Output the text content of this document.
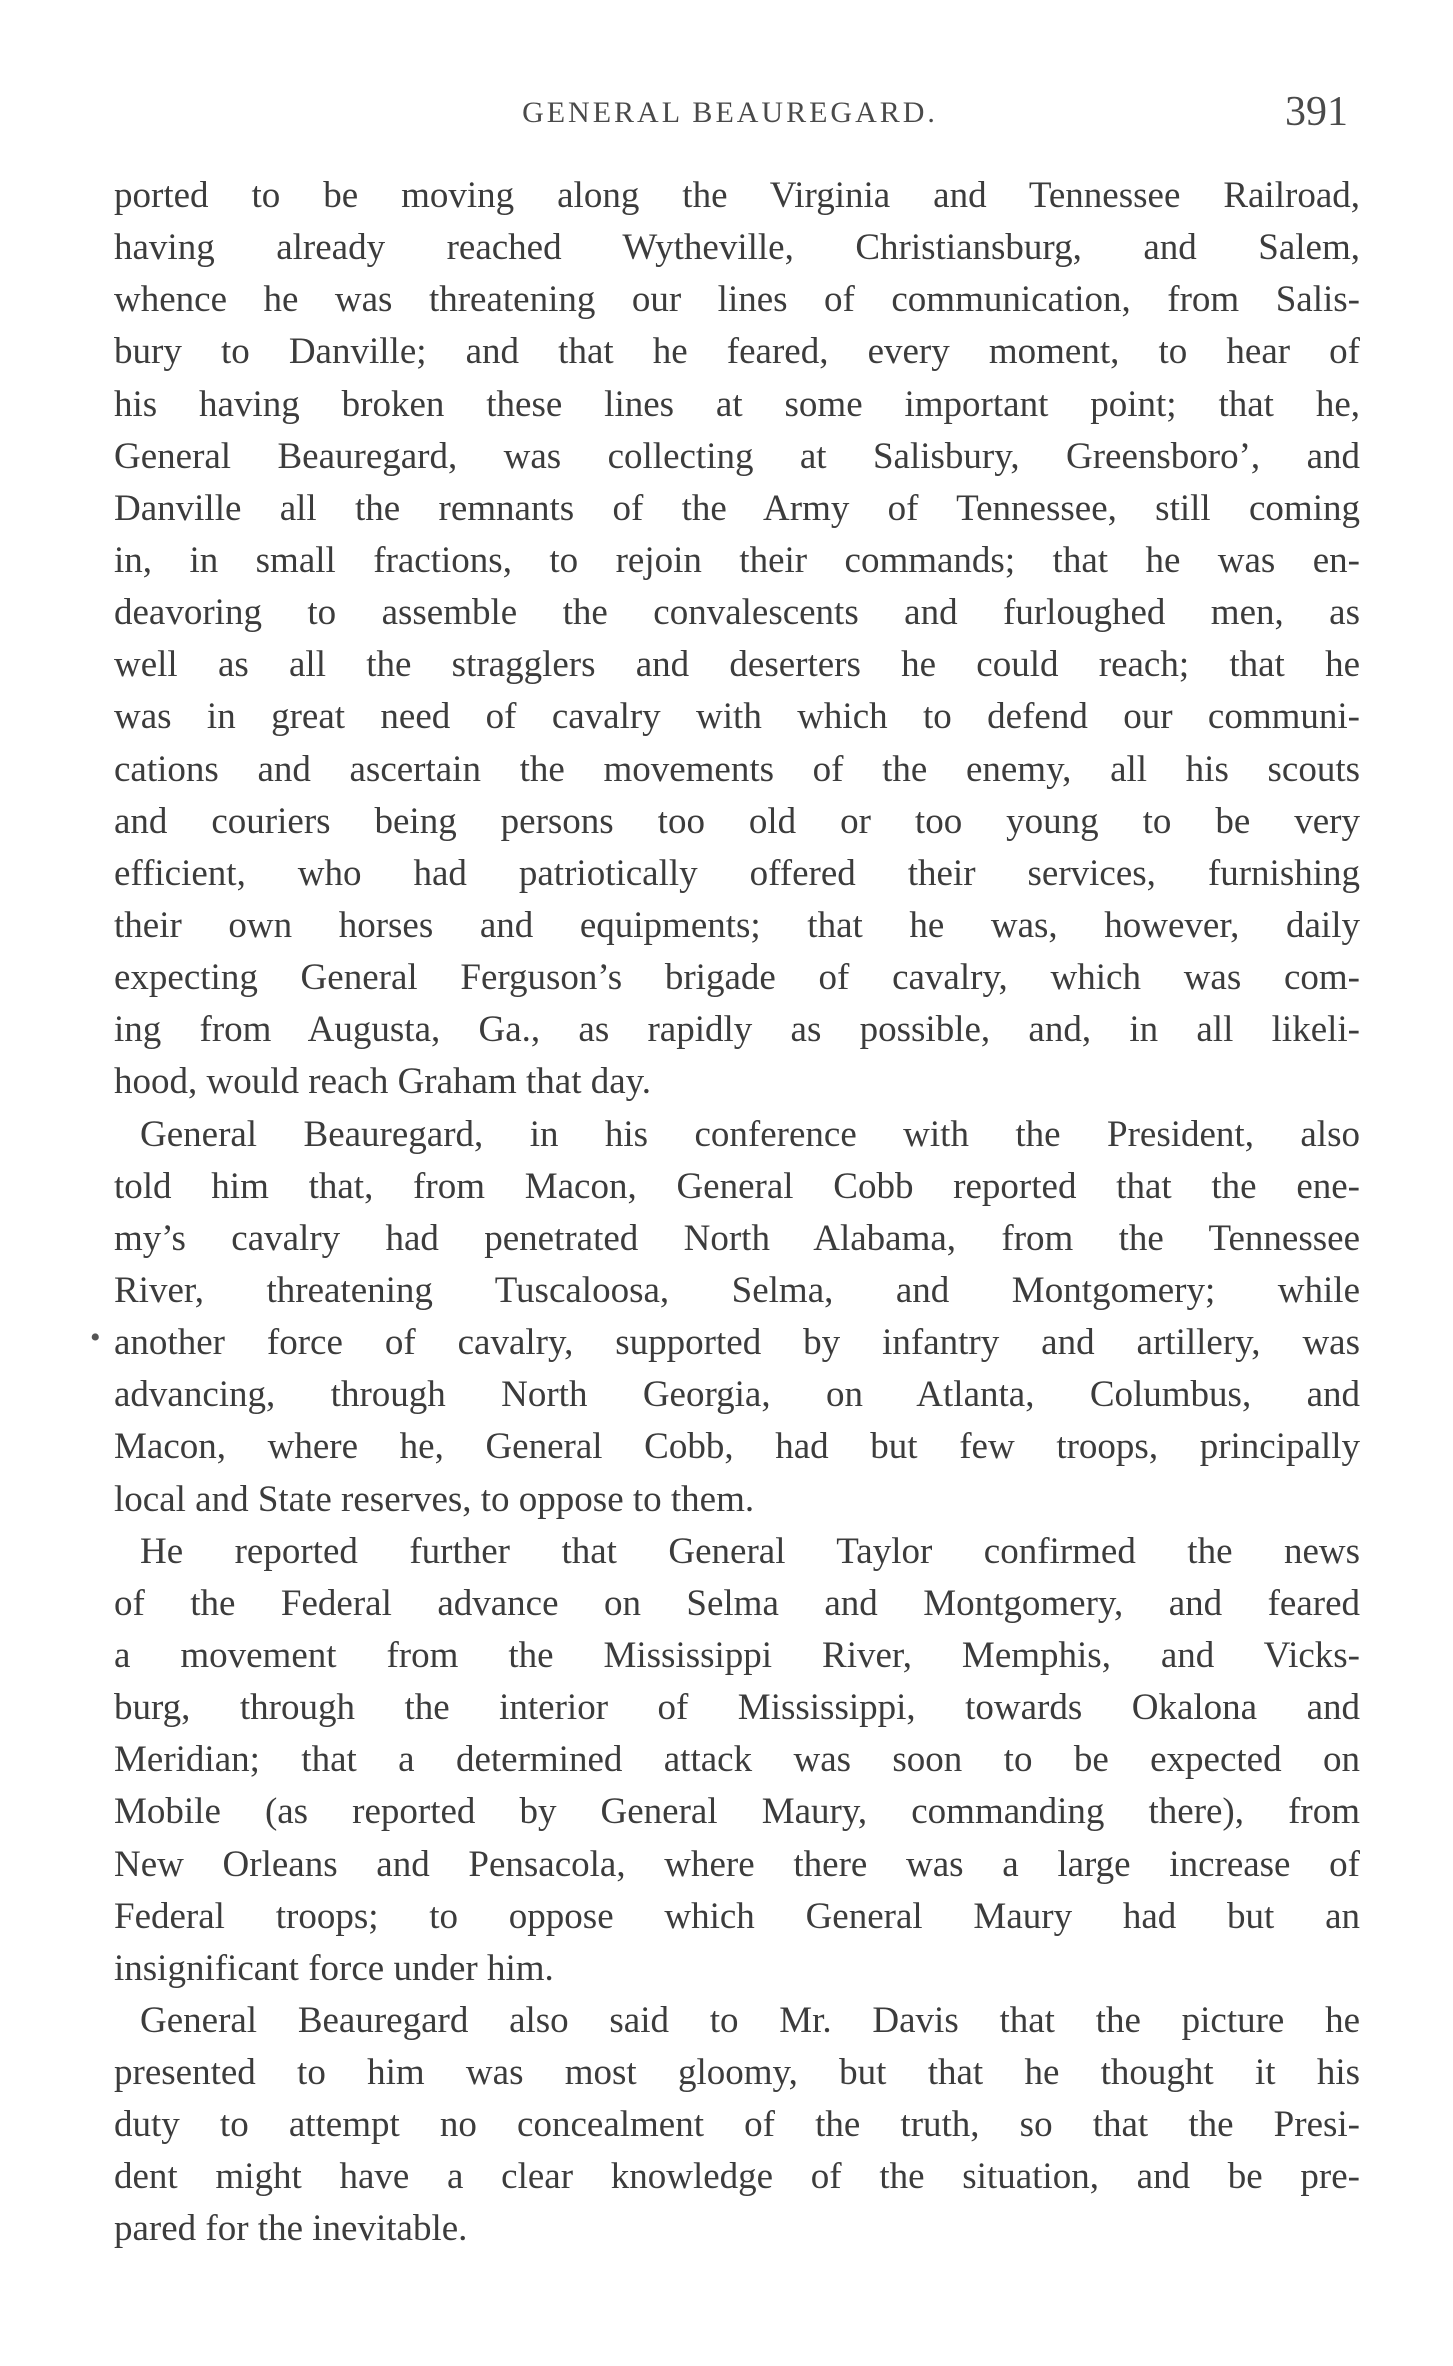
GENERAL BEAUREGARD.	391
•
ported to be moving along the Virginia and Tennessee Railroad,
having already reached Wytheville, Christiansburg, and Salem,
whence he was threatening our lines of communication, from Salis-
bury to Danville; and that he feared, every moment, to hear of
his having broken these lines at some important point; that he,
General Beauregard, was collecting at Salisbury, Greensboro’, and
Danville all the remnants of the Army of Tennessee, still coming
in, in small fractions, to rejoin their commands; that he was en-
deavoring to assemble the convalescents and furloughed men, as
well as all the stragglers and deserters he could reach; that he
was in great need of cavalry with which to defend our communi-
cations and ascertain the movements of the enemy, all his scouts
and couriers being persons too old or too young to be very
efficient, who had patriotically offered their services, furnishing
their own horses and equipments; that he was, however, daily
expecting General Ferguson’s brigade of cavalry, which was com-
ing from Augusta, Ga., as rapidly as possible, and, in all likeli-
hood, would reach Graham that day.
General Beauregard, in his conference with the President, also
told him that, from Macon, General Cobb reported that the ene-
my’s cavalry had penetrated North Alabama, from the Tennessee
River, threatening Tuscaloosa, Selma, and Montgomery; while
another force of cavalry, supported by infantry and artillery, was
advancing, through North Georgia, on Atlanta, Columbus, and
Macon, where he, General Cobb, had but few troops, principally
local and State reserves, to oppose to them.
He reported further that General Taylor confirmed the news
of the Federal advance on Selma and Montgomery, and feared
a movement from the Mississippi River, Memphis, and Vicks-
burg, through the interior of Mississippi, towards Okalona and
Meridian; that a determined attack was soon to be expected on
Mobile (as reported by General Maury, commanding there), from
New Orleans and Pensacola, where there was a large increase of
Federal troops; to oppose which General Maury had but an
insignificant force under him.
General Beauregard also said to Mr. Davis that the picture he
presented to him was most gloomy, but that he thought it his
duty to attempt no concealment of the truth, so that the Presi-
dent might have a clear knowledge of the situation, and be pre-
pared for the inevitable.
